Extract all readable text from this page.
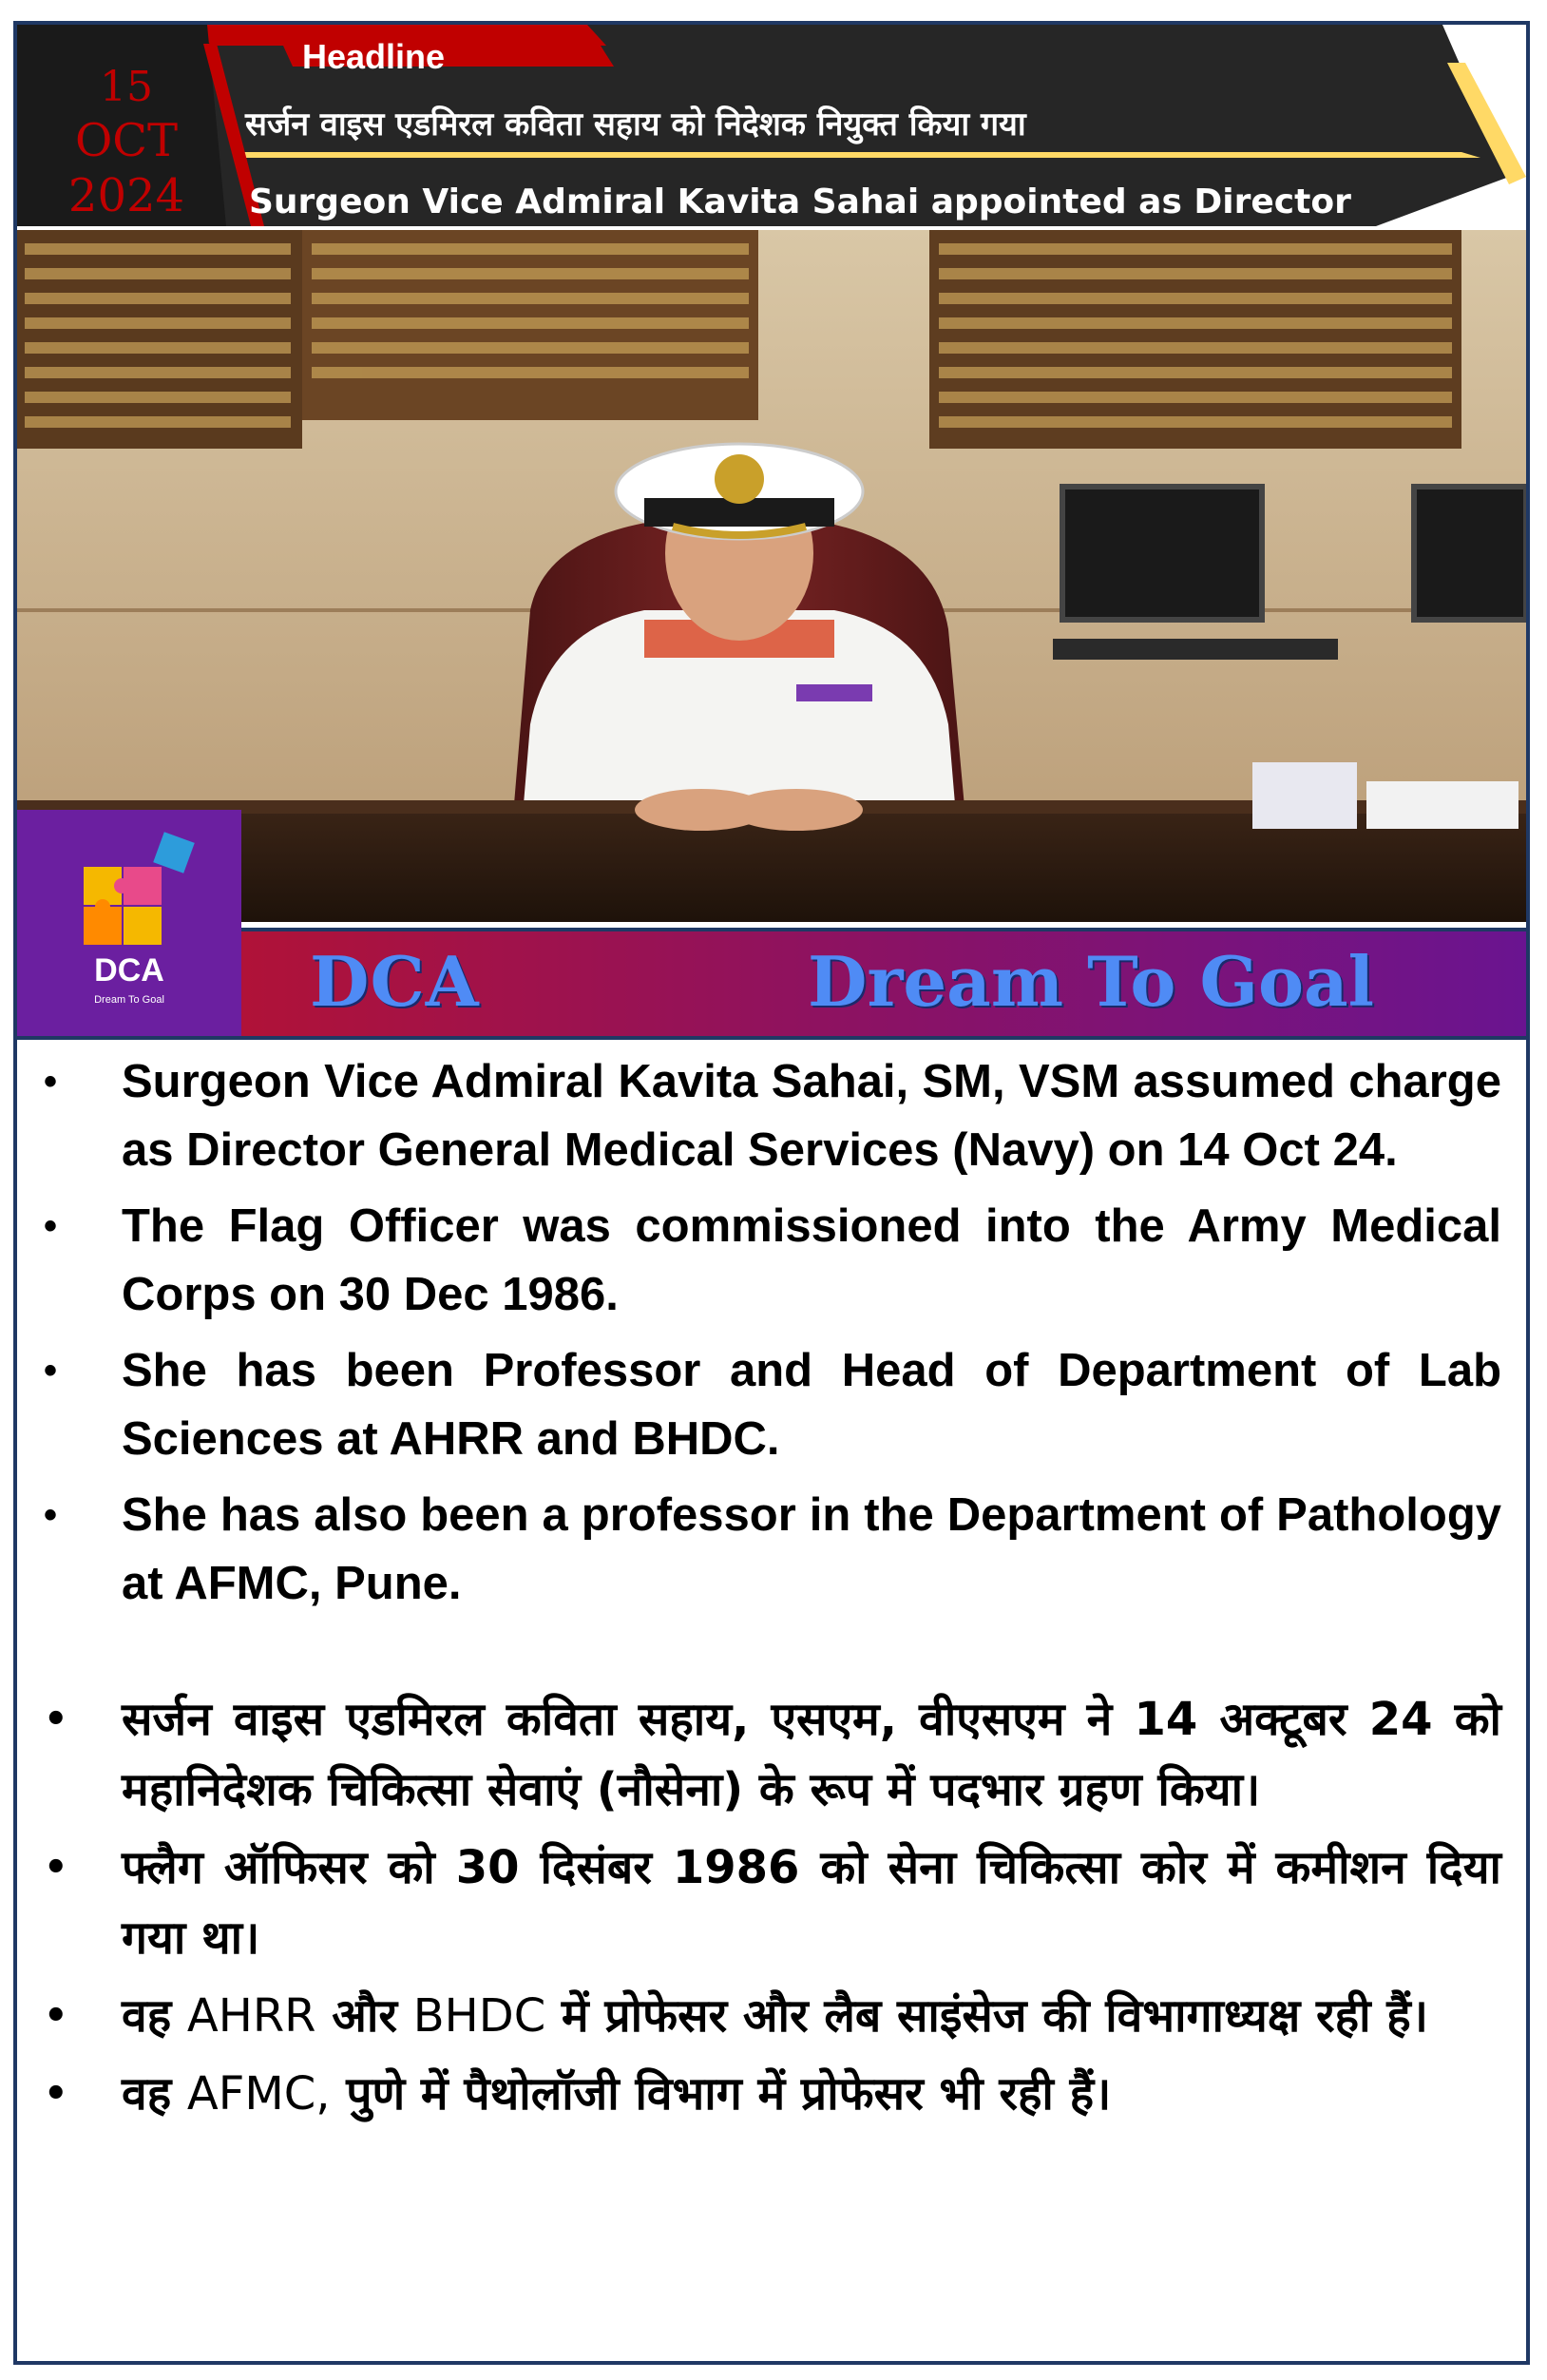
15
OCT
2024
Headline
सर्जन वाइस एडमिरल कविता सहाय को निदेशक नियुक्त किया गया
Surgeon Vice Admiral Kavita Sahai appointed as Director
DCA
Dream To Goal	DCA	Dream To Goal
• Surgeon Vice Admiral Kavita Sahai, SM, VSM assumed charge as Director General Medical Services (Navy) on 14 Oct 24.
• The Flag Officer was commissioned into the Army Medical Corps on 30 Dec 1986.
• She has been Professor and Head of Department of Lab Sciences at AHRR and BHDC.
• She has also been a professor in the Department of Pathology at AFMC, Pune.
• सर्जन वाइस एडमिरल कविता सहाय, एसएम, वीएसएम ने 14 अक्टूबर 24 को महानिदेशक चिकित्सा सेवाएं (नौसेना) के रूप में पदभार ग्रहण किया।
• फ्लैग ऑफिसर को 30 दिसंबर 1986 को सेना चिकित्सा कोर में कमीशन दिया गया था।
• वह AHRR और BHDC में प्रोफेसर और लैब साइंसेज की विभागाध्यक्ष रही हैं।
• वह AFMC, पुणे में पैथोलॉजी विभाग में प्रोफेसर भी रही हैं।
